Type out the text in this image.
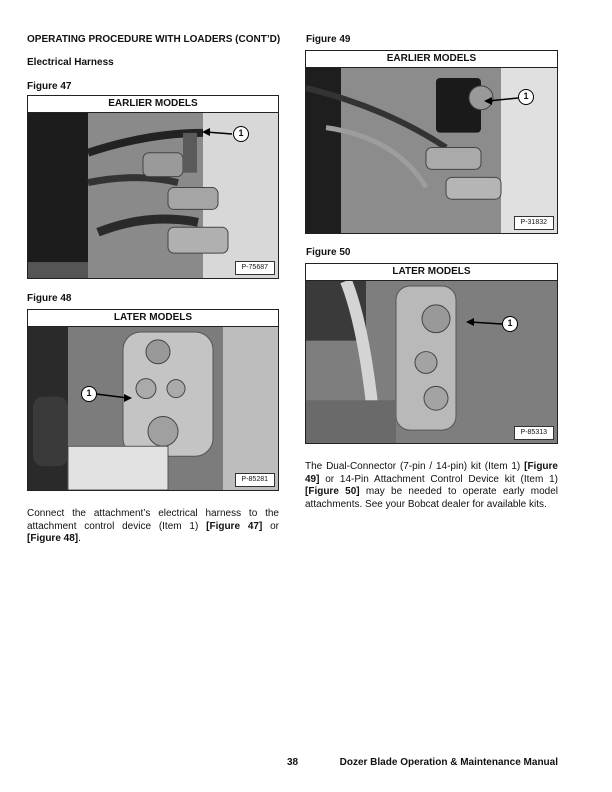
OPERATING PROCEDURE WITH LOADERS (CONT’D)
Electrical Harness
Figure 47
EARLIER MODELS
P-75687
1
Figure 48
LATER MODELS
P-85281
1
Connect the attachment’s electrical harness to the attachment control device (Item 1) [Figure 47] or [Figure 48].
Figure 49
EARLIER MODELS
P-31832
1
Figure 50
LATER MODELS
P-85313
1
The Dual-Connector (7-pin / 14-pin) kit (Item 1) [Figure 49] or 14-Pin Attachment Control Device kit (Item 1) [Figure 50] may be needed to operate early model attachments. See your Bobcat dealer for available kits.
38	Dozer Blade Operation & Maintenance Manual
